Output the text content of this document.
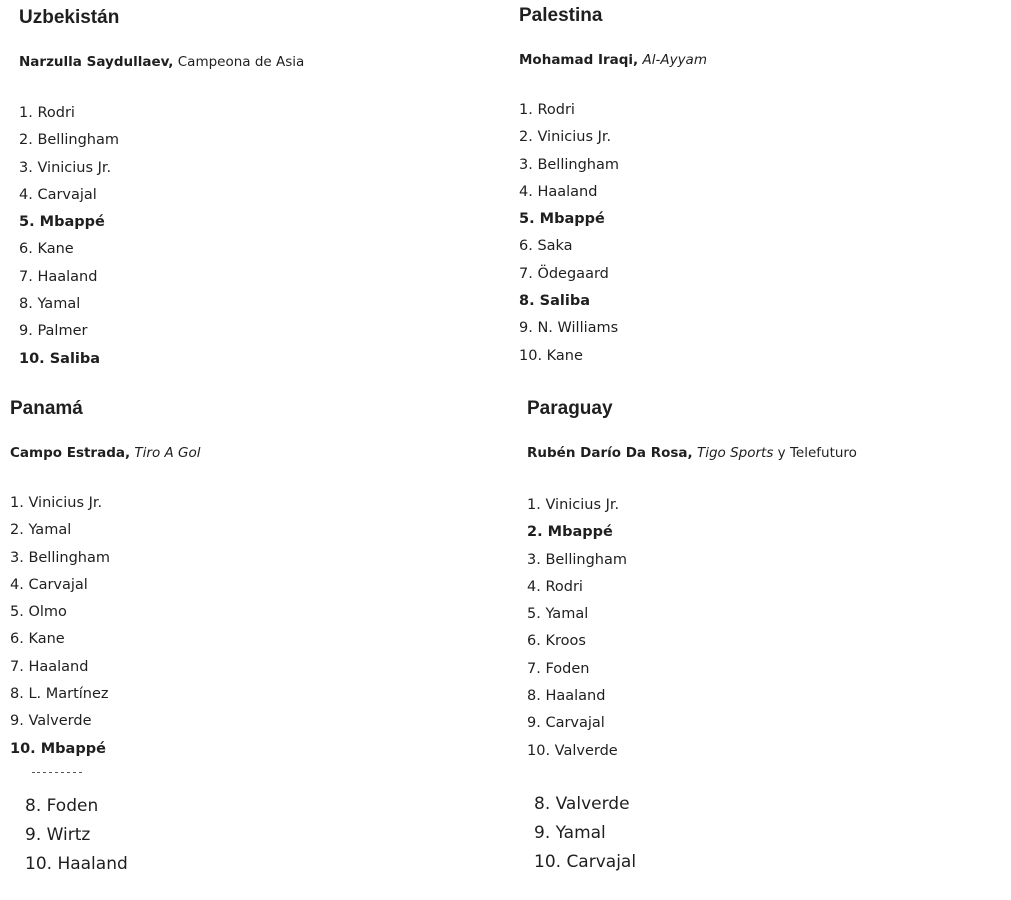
Uzbekistán

Narzulla Saydullaev, Campeona de Asia

1. Rodri
2. Bellingham
3. Vinicius Jr.
4. Carvajal
5. Mbappé
6. Kane
7. Haaland
8. Yamal
9. Palmer
10. Saliba
Palestina

Mohamad Iraqi, Al-Ayyam

1. Rodri
2. Vinicius Jr.
3. Bellingham
4. Haaland
5. Mbappé
6. Saka
7. Ödegaard
8. Saliba
9. N. Williams
10. Kane
Panamá

Campo Estrada, Tiro A Gol

1. Vinicius Jr.
2. Yamal
3. Bellingham
4. Carvajal
5. Olmo
6. Kane
7. Haaland
8. L. Martínez
9. Valverde
10. Mbappé
Paraguay

Rubén Darío Da Rosa, Tigo Sports y Telefuturo

1. Vinicius Jr.
2. Mbappé
3. Bellingham
4. Rodri
5. Yamal
6. Kroos
7. Foden
8. Haaland
9. Carvajal
10. Valverde
8. Foden
9. Wirtz
10. Haaland
8. Valverde
9. Yamal
10. Carvajal
